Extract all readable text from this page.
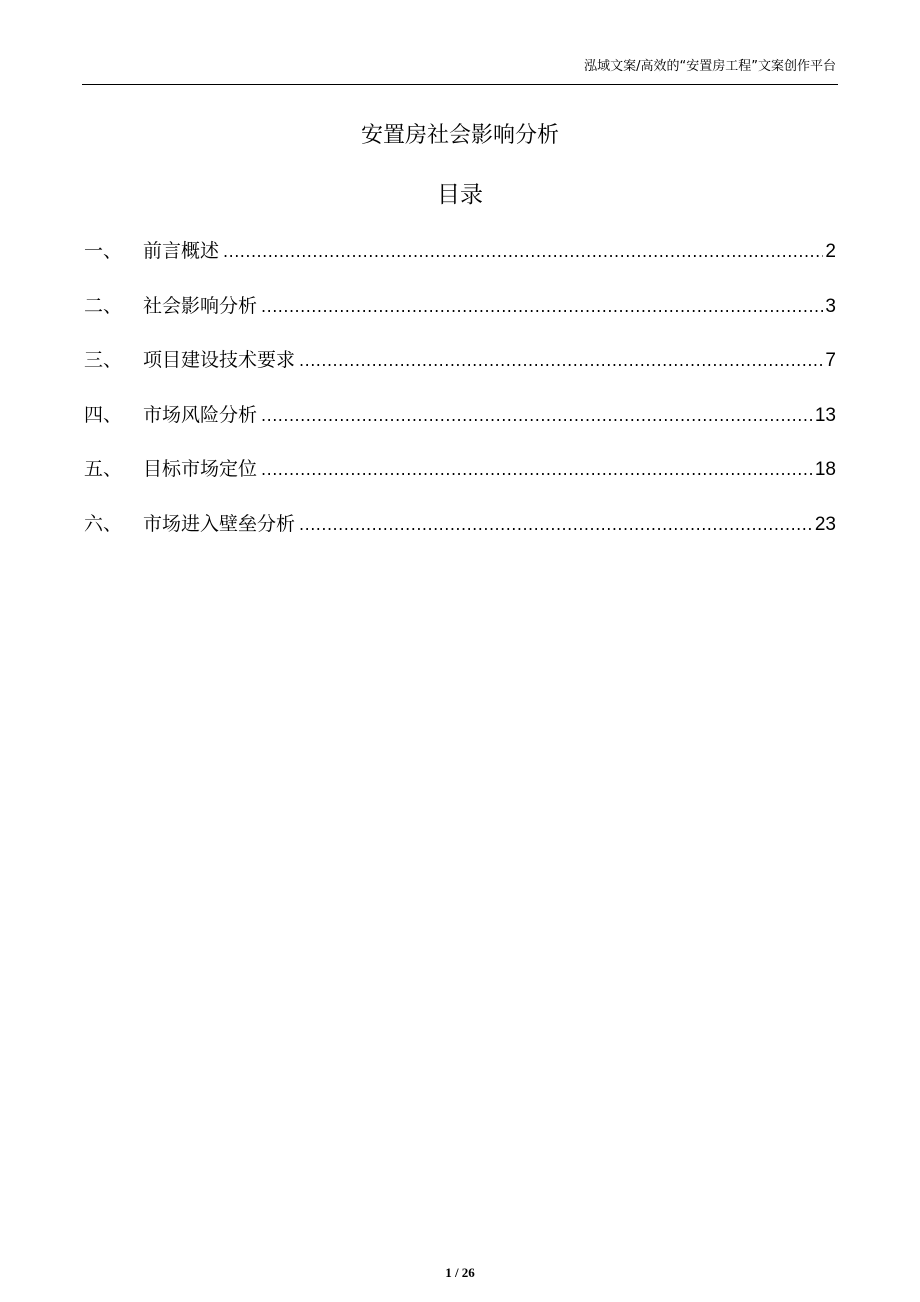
泓域文案/高效的“安置房工程”文案创作平台
安置房社会影响分析
目录
一、	前言概述 .....	2
二、	社会影响分析 .....	3
三、	项目建设技术要求 .....	7
四、	市场风险分析 .....	13
五、	目标市场定位 .....	18
六、	市场进入壁垒分析 .....	23
1 / 26
